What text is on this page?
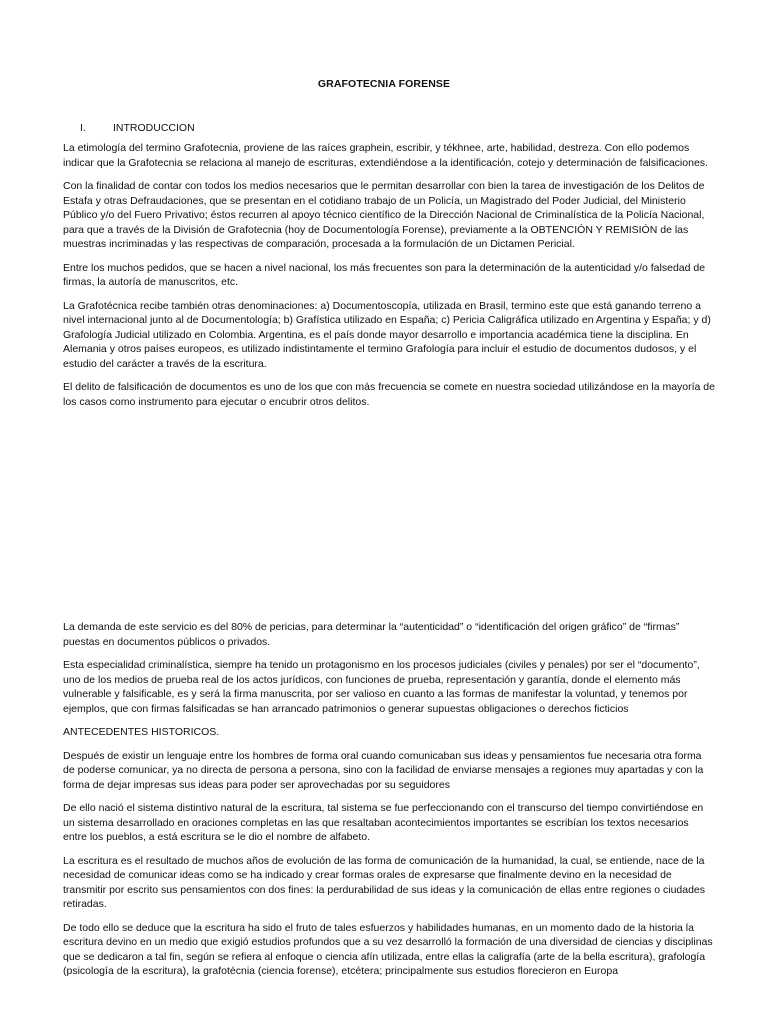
GRAFOTECNIA FORENSE
I.	INTRODUCCION

La etimología del termino Grafotecnia, proviene de las raíces graphein, escribir, y tékhnee, arte, habilidad, destreza. Con ello podemos indicar que la Grafotecnia se relaciona al manejo de escrituras, extendiéndose a la identificación, cotejo y determinación de falsificaciones.

Con la finalidad de contar con todos los medios necesarios que le permitan desarrollar con bien la tarea de investigación de los Delitos de Estafa y otras Defraudaciones, que se presentan en el cotidiano trabajo de un Policía, un Magistrado del Poder Judicial, del Ministerio Público y/o del Fuero Privativo; éstos recurren al apoyo técnico científico de la Dirección Nacional de Criminalística de la Policía Nacional, para que a través de la División de Grafotecnia (hoy de Documentología Forense), previamente a la OBTENCIÓN Y REMISIÓN de las muestras incriminadas y las respectivas de comparación, procesada a la formulación de un Dictamen Pericial.

Entre los muchos pedidos, que se hacen a nivel nacional, los más frecuentes son para la determinación de la autenticidad y/o falsedad de firmas, la autoría de manuscritos, etc.

La Grafotécnica recibe también otras denominaciones: a) Documentoscopía, utilizada en Brasil, termino este que está ganando terreno a nivel internacional junto al de Documentología; b) Grafística utilizado en España; c) Pericia Caligráfica utilizado en Argentina y España; y d) Grafología Judicial utilizado en Colombia. Argentina, es el país donde mayor desarrollo e importancia académica tiene la disciplina. En Alemania y otros países europeos, es utilizado indistintamente el termino Grafología para incluir el estudio de documentos dudosos, y el estudio del carácter a través de la escritura.

El delito de falsificación de documentos es uno de los que con más frecuencia se comete en nuestra sociedad utilizándose en la mayoría de los casos como instrumento para ejecutar o encubrir otros delitos.

La demanda de este servicio es del 80% de pericias, para determinar la “autenticidad” o “identificación del origen gráfico” de “firmas” puestas en documentos públicos o privados.

Esta especialidad criminalística, siempre ha tenido un protagonismo en los procesos judiciales (civiles y penales) por ser el “documento”, uno de los medios de prueba real de los actos jurídicos, con funciones de prueba, representación y garantía, donde el elemento más vulnerable y falsificable, es y será la firma manuscrita, por ser valioso en cuanto a las formas de manifestar la voluntad, y tenemos por ejemplos, que con firmas falsificadas se han arrancado patrimonios o generar supuestas obligaciones o derechos ficticios

ANTECEDENTES HISTORICOS.

Después de existir un lenguaje entre los hombres de forma oral cuando comunicaban sus ideas y pensamientos fue necesaria otra forma de poderse comunicar, ya no directa de persona a persona, sino con la facilidad de enviarse mensajes a regiones muy apartadas y con la forma de dejar impresas sus ideas para poder ser aprovechadas por su seguidores

De ello nació el sistema distintivo natural de la escritura, tal sistema se fue perfeccionando con el transcurso del tiempo convirtiéndose en un sistema desarrollado en oraciones completas en las que resaltaban acontecimientos importantes se escribían los textos necesarios entre los pueblos, a está escritura se le dio el nombre de alfabeto.

La escritura es el resultado de muchos años de evolución de las forma de comunicación de la humanidad, la cual, se entiende, nace de la necesidad de comunicar ideas como se ha indicado y crear formas orales de expresarse que finalmente devino en la necesidad de transmitir por escrito sus pensamientos con dos fines: la perdurabilidad de sus ideas y la comunicación de ellas entre regiones o ciudades retiradas.

De todo ello se deduce que la escritura ha sido el fruto de tales esfuerzos y habilidades humanas, en un momento dado de la historia la escritura devino en un medio que exigió estudios profundos que a su vez desarrolló la formación de una diversidad de ciencias y disciplinas que se dedicaron a tal fin, según se refiera al enfoque o ciencia afín utilizada, entre ellas la caligrafía (arte de la bella escritura), grafología (psicología de la escritura), la grafotécnia (ciencia forense), etcétera; principalmente sus estudios florecieron en Europa
